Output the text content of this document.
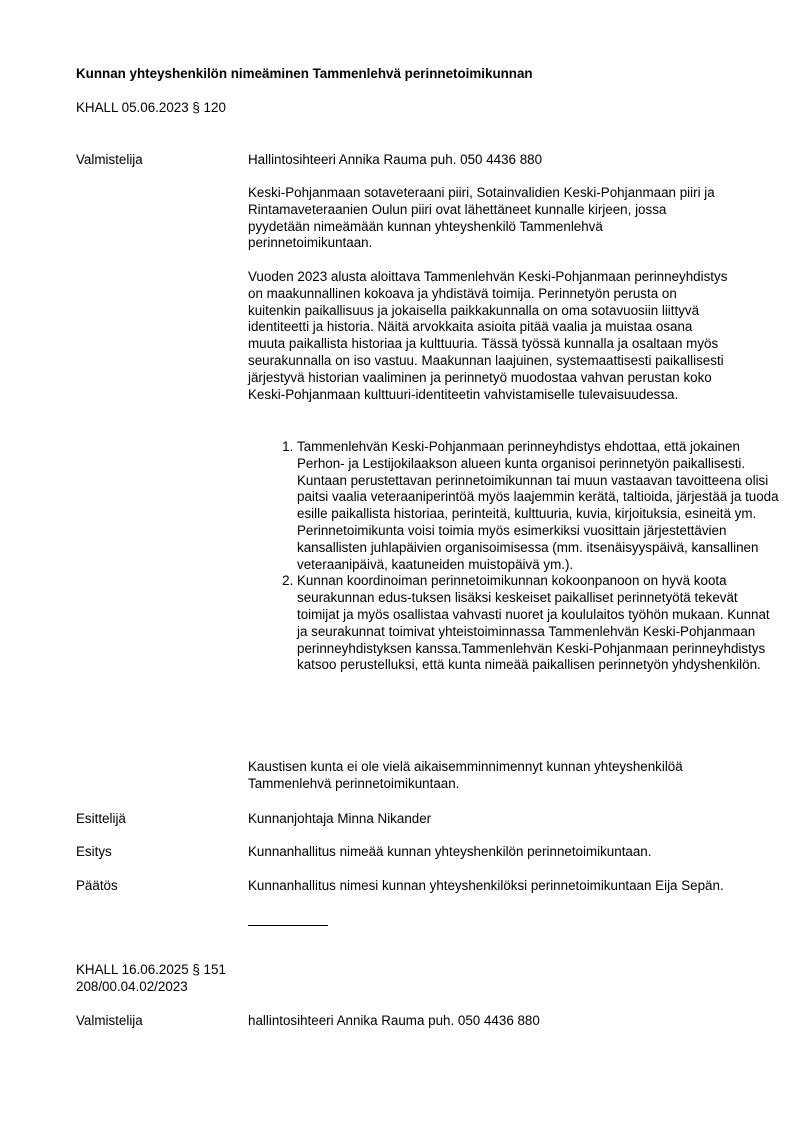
Kunnan yhteyshenkilön nimeäminen Tammenlehvä perinnetoimikunnan
KHALL 05.06.2023 § 120
Valmistelija	Hallintosihteeri Annika Rauma puh. 050 4436 880

Keski-Pohjanmaan sotaveteraani piiri, Sotainvalidien Keski-Pohjanmaan piiri ja Rintamaveteraanien Oulun piiri ovat lähettäneet kunnalle kirjeen, jossa pyydetään nimeämään kunnan yhteyshenkilö Tammenlehvä perinnetoimikuntaan.

Vuoden 2023 alusta aloittava Tammenlehvän Keski-Pohjanmaan perinneyhdistys on maakunnallinen kokoava ja yhdistävä toimija. Perinnetyön perusta on kuitenkin paikallisuus ja jokaisella paikkakunnalla on oma sotavuosiin liittyvä identiteetti ja historia. Näitä arvokkaita asioita pitää vaalia ja muistaa osana muuta paikallista historiaa ja kulttuuria. Tässä työssä kunnalla ja osaltaan myös seurakunnalla on iso vastuu. Maakunnan laajuinen, systemaattisesti paikallisesti järjestyvä historian vaaliminen ja perinnetyö muodostaa vahvan perustan koko Keski-Pohjanmaan kulttuuri-identiteetin vahvistamiselle tulevaisuudessa.

1. Tammenlehvän Keski-Pohjanmaan perinneyhdistys ehdottaa, että jokainen Perhon- ja Lestijokilaakson alueen kunta organisoi perinnetyön paikallisesti. Kuntaan perustettavan perinnetoimikunnan tai muun vastaavan tavoitteena olisi paitsi vaalia veteraaniperintöä myös laajemmin kerätä, taltioida, järjestää ja tuoda esille paikallista historiaa, perinteitä, kulttuuria, kuvia, kirjoituksia, esineitä ym. Perinnetoimikunta voisi toimia myös esimerkiksi vuosittain järjestettävien kansallisten juhlapäivien organisoimisessa (mm. itsenäisyyspäivä, kansallinen veteraanipäivä, kaatuneiden muistopäivä ym.).
2. Kunnan koordinoiman perinnetoimikunnan kokoonpanoon on hyvä koota seurakunnan edus-tuksen lisäksi keskeiset paikalliset perinnetyötä tekevät toimijat ja myös osallistaa vahvasti nuoret ja koululaitos työhön mukaan. Kunnat ja seurakunnat toimivat yhteistoiminnassa Tammenlehvän Keski-Pohjanmaan perinneyhdistyksen kanssa.Tammenlehvän Keski-Pohjanmaan perinneyhdistys katsoo perustelluksi, että kunta nimeää paikallisen perinnetyön yhdyshenkilön.

Kaustisen kunta ei ole vielä aikaisemminnimennyt kunnan yhteyshenkilöä Tammenlehvä perinnetoimikuntaan.

Esittelijä	Kunnanjohtaja Minna Nikander
Esitys	Kunnanhallitus nimeää kunnan yhteyshenkilön perinnetoimikuntaan.
Päätös	Kunnanhallitus nimesi kunnan yhteyshenkilöksi perinnetoimikuntaan Eija Sepän.
KHALL 16.06.2025 § 151
208/00.04.02/2023
Valmistelija	hallintosihteeri Annika Rauma puh. 050 4436 880
